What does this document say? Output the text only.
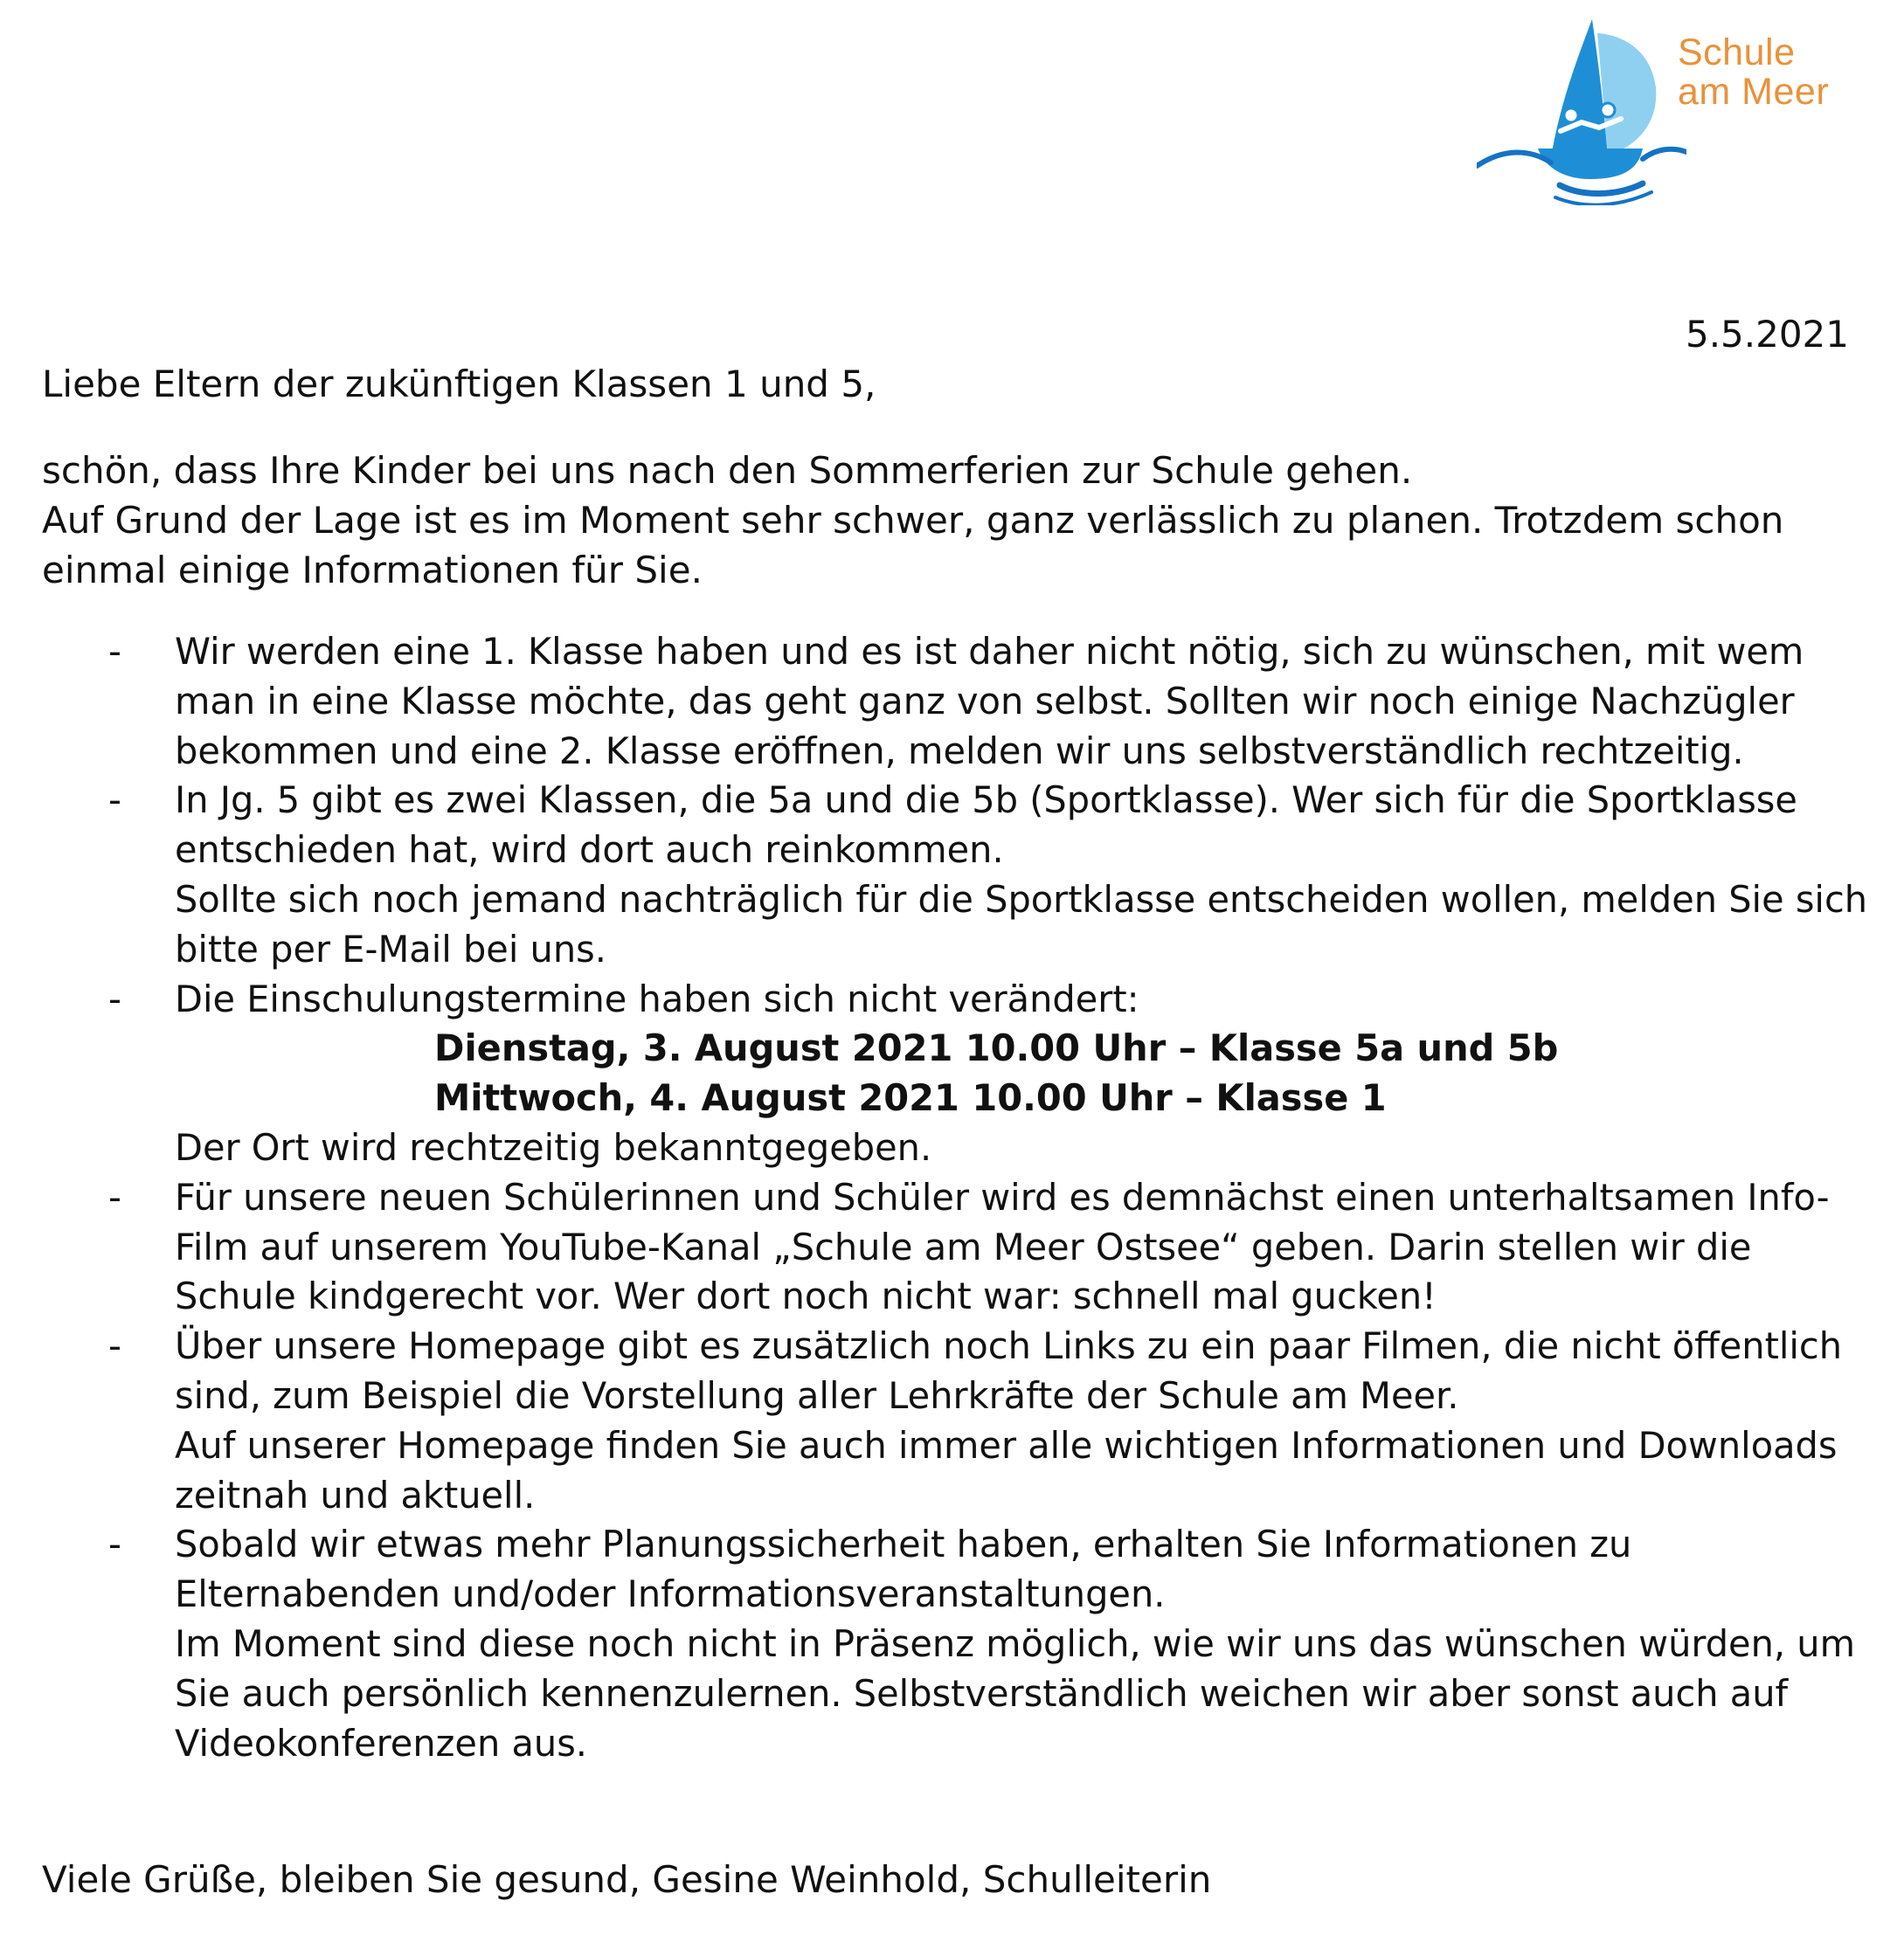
Schule
am Meer
5.5.2021
Liebe Eltern der zukünftigen Klassen 1 und 5,

schön, dass Ihre Kinder bei uns nach den Sommerferien zur Schule gehen.

Auf Grund der Lage ist es im Moment sehr schwer, ganz verlässlich zu planen. Trotzdem schon einmal einige Informationen für Sie.

- Wir werden eine 1. Klasse haben und es ist daher nicht nötig, sich zu wünschen, mit wem man in eine Klasse möchte, das geht ganz von selbst. Sollten wir noch einige Nachzügler bekommen und eine 2. Klasse eröffnen, melden wir uns selbstverständlich rechtzeitig.

- In Jg. 5 gibt es zwei Klassen, die 5a und die 5b (Sportklasse). Wer sich für die Sportklasse entschieden hat, wird dort auch reinkommen.

Sollte sich noch jemand nachträglich für die Sportklasse entscheiden wollen, melden Sie sich bitte per E-Mail bei uns.

- Die Einschulungstermine haben sich nicht verändert:

Dienstag, 3. August 2021 10.00 Uhr – Klasse 5a und 5b
Mittwoch, 4. August 2021 10.00 Uhr – Klasse 1

Der Ort wird rechtzeitig bekanntgegeben.

- Für unsere neuen Schülerinnen und Schüler wird es demnächst einen unterhaltsamen Info-Film auf unserem YouTube-Kanal „Schule am Meer Ostsee“ geben. Darin stellen wir die Schule kindgerecht vor. Wer dort noch nicht war: schnell mal gucken!

- Über unsere Homepage gibt es zusätzlich noch Links zu ein paar Filmen, die nicht öffentlich sind, zum Beispiel die Vorstellung aller Lehrkräfte der Schule am Meer.

Auf unserer Homepage finden Sie auch immer alle wichtigen Informationen und Downloads zeitnah und aktuell.

- Sobald wir etwas mehr Planungssicherheit haben, erhalten Sie Informationen zu Elternabenden und/oder Informationsveranstaltungen.

Im Moment sind diese noch nicht in Präsenz möglich, wie wir uns das wünschen würden, um Sie auch persönlich kennenzulernen. Selbstverständlich weichen wir aber sonst auch auf Videokonferenzen aus.

Viele Grüße, bleiben Sie gesund, Gesine Weinhold, Schulleiterin
